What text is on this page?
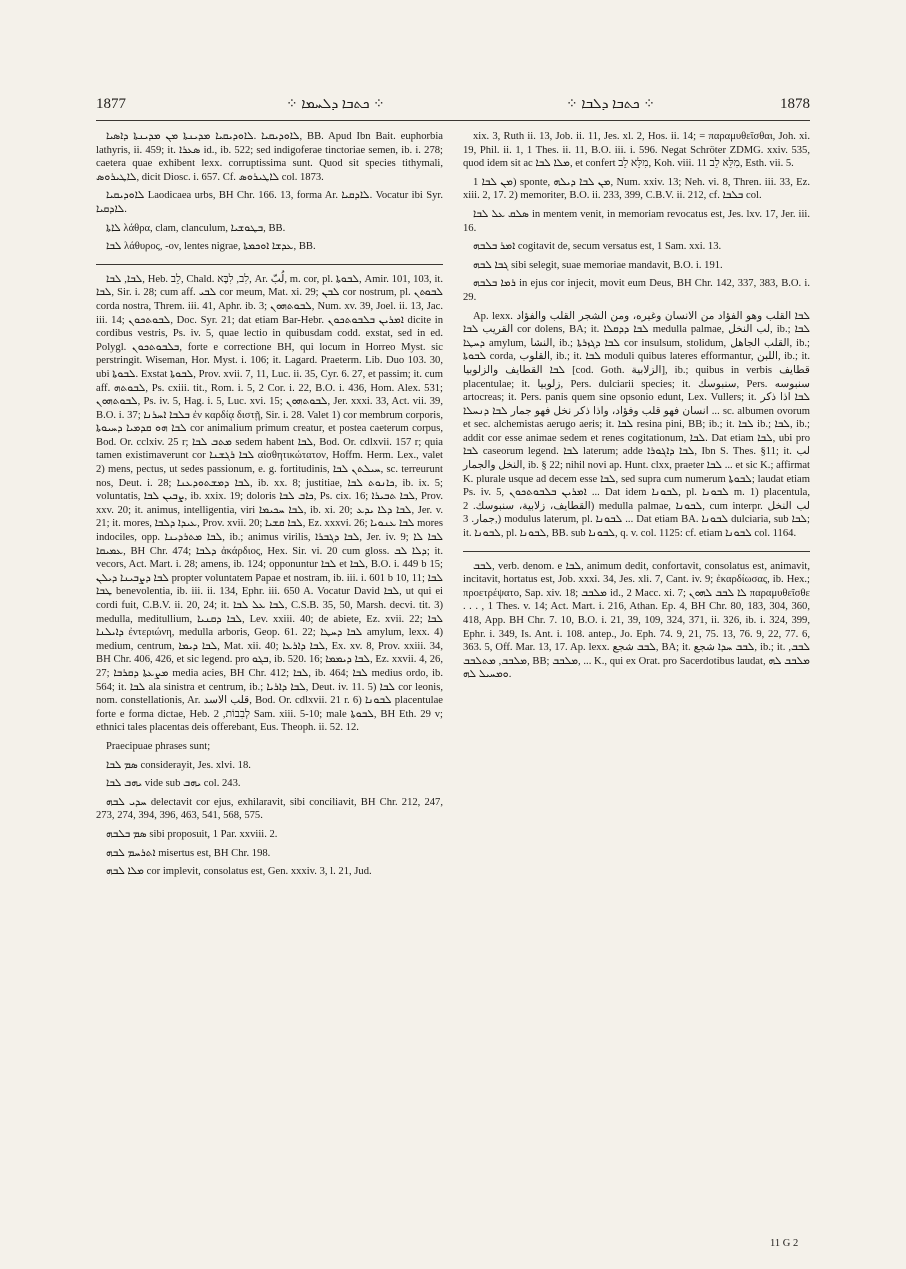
1877	⁘ ܟܬܒܐ ܕܠܚܡܐ ⁘	⁘ ܟܬܒܐ ܕܠܒܐ ⁘	1878

ܠܐܘܕܝܩܝܐ .ܠܐܘܕܝܩܝܐ ܡܕܝܢܬܐ ܡܢ ܡܕܝܢܬܐ ܕܐܣܝܐ, BB. Apud Ibn Bait. euphorbia lathyris, ii. 459; it. ܣܥܪܐ id., ib. 522; sed indigoferae tinctoriae semen, ib. i. 278; caetera quae exhibent lexx. corruptissima sunt. Quod sit species tithymali, ܠܐܛܝܪܘܣ, dicit Diosc. i. 657. Cf. ܠܐܛܝܪܘܣ col. 1873.

ܠܐܘܕܝܩܝܐ Laodicaea urbs, BH Chr. 166. 13, forma Ar. ܠܐܕܩܝܐ. Vocatur ibi Syr. ܠܐܕܩܝܐ.

ܠܐܬܐ λάθρα, clam, clanculum, ܒܛܘܫܝܐ, BB.

ܠܒܐ λάθυρος, -ον, lentes nigrae, ܥܕܫܐ ܐܘܟܡܬܐ, BB.

ܠܒܐ, ܠܒܐ, Heb. לֵב, Chald. לִב, לִבָּא, Ar. لُبّ, m. cor, pl. ܠܒܘܬܐ, Amir. 101, 103, it. ܠܒܐ, Sir. i. 28; cum aff. ܠܒܝ cor meum, Mat. xi. 29; ܠܒܢ cor nostrum, pl. ܠܒܘܬܢ corda nostra, Threm. iii. 41, Aphr. ib. 3; ܠܒܘܬܗܘܢ, Num. xv. 39, Joel. ii. 13, Jac. iii. 14; ܠܒܘܬܟܘܢ, Doc. Syr. 21; dat etiam Bar-Hebr. ܐܡܪܝܢ ܒܠܒܘܬܟܘܢ dicite in cordibus vestris, Ps. iv. 5, quae lectio in quibusdam codd. exstat, sed in ed. Polygl. ܒܠܒܘܬܟܘܢ, forte e correctione BH, qui locum in Horreo Myst. sic perstringit. Wiseman, Hor. Myst. i. 106; it. Lagard. Praeterm. Lib. Duo 103. 30, ubi ܠܒܘܬܐ. Exstat ܠܒܘܬܐ, Prov. xvii. 7, 11, Luc. ii. 35, Cyr. 6. 27, et passim; it. cum aff. ܠܒܘܬܗ, Ps. cxiii. tit., Rom. i. 5, 2 Cor. i. 22, B.O. i. 436, Hom. Alex. 531; ܠܒܘܬܗܘܢ, Ps. iv. 5, Hag. i. 5, Luc. xvi. 15; ܠܒܘܬܗܘܢ, Jer. xxxi. 33, Act. vii. 39, B.O. i. 37; ܒܠܒܐ ܐܚܪܢܐ ἐν καρδίᾳ διστῇ, Sir. i. 28. Valet 1) cor membrum corporis, ܠܒܐ ܗܘ ܩܕܡܝܐ ܕܚܝܘܬܐ cor animalium primum creatur, et postea caeterum corpus, Bod. Or. cclxiv. 25 r; ܡܬܒ ܠܒܐ sedem habent ܠܒܐ, Bod. Or. cdlxvii. 157 r; quia tamen existimaverunt cor ܠܒܐ ܪܓܫܢܐ αἰσθητικώτατον, Hoffm. Herm. Lex., valet 2) mens, pectus, ut sedes passionum, e. g. fortitudinis, ܚܝܠܬܢ ܠܒܐ, sc. terreurunt nos, Deut. i. 28; ܠܒܐ ܕܡܫܬܘܕܥܢܐ, ib. xx. 8; justitiae, ܟܐܢܘܬ ܠܒܐ, ib. ix. 5; voluntatis, ܨܒܝܢ ܠܒܐ, ib. xxix. 19; doloris ܟܐܒ ܠܒܐ, Ps. cix. 16; ܠܒܐ ܬܒܝܪܐ, Prov. xxv. 20; it. animus, intelligentia, viri ܠܒܐ ܚܟܝܡܐ, ib. xi. 20; ܠܒܐ ܕܠܐ ܝܕܥ, Jer. v. 21; it. mores, ܥܝܕܐ ܕܠܒܐ, Prov. xvii. 20; ܠܒܐ ܩܫܝܐ, Ez. xxxvi. 26; ܠܒܐ ܥܢܘܝܐ mores indociles, opp. ܠܒܐ ܡܬܪܕܝܢܐ, ib.; animus virilis, ܠܒܐ ܕܓܒܪܐ, Jer. iv. 9; ܠܒܐ ܠܐ ܥܡܝܩܐ, BH Chr. 474; ܕܠܒܐ ἀκάρδιος, Hex. Sir. vi. 20 cum gloss. ܕܠܐ ܠܒ; it. vecors, Act. Mart. i. 28; amens, ib. 124; opponuntur ܠܒܐ et ܠܒܐ, B.O. i. 449 b 15; ܠܒܐ ܕܨܒܝܢܐ ܕܝܠܢ propter voluntatem Papae et nostram, ib. iii. i. 601 b 10, 11; ܠܒܐ ܛܒܐ benevolentia, ib. iii. ii. 134, Ephr. iii. 650 A. Vocatur David ܠܒܐ, ut qui ei cordi fuit, C.B.V. ii. 20, 24; it. ܠܒܐ ܥܠ ܠܒܐ, C.S.B. 35, 50, Marsh. decvi. tit. 3) medulla, meditullium, ܠܒܐ ܕܩܢܝܐ, Lev. xxiii. 40; de abiete, Ez. xvii. 22; ܠܒܐ ܕܐܝܠܢܐ ἐντεριώνη, medulla arboris, Geop. 61. 22; ܠܒܐ ܕܚܛܐ amylum, lexx. 4) medium, centrum, ܠܒܐ ܕܝܡܐ, Mat. xii. 40; ܠܒܐ ܕܐܪܥܐ, Ex. xv. 8, Prov. xxiii. 34, BH Chr. 406, 426, et sic legend. pro ܒܓܘ, ib. 520. 16; ܠܒܐ ܕܝܡܡܐ, Ez. xxvii. 4, 26, 27; ܡܨܥܬܐ ܕܩܪܒܐ media acies, BH Chr. 412; ܠܒܐ, ib. 464; ܠܒܐ medius ordo, ib. 564; it. ܠܒܐ ala sinistra et centrum, ib.; ܠܒܐ ܕܐܪܝܐ, Deut. iv. 11. 5) ܠܒܐ cor leonis, nom. constellationis, Ar. قلب الاسد, Bod. Or. cdlxvii. 21 r. 6) ܠܒܘܢܐ placentulae forte e forma dictae, Heb. לְבִבוֹת, 2 Sam. xiii. 5-10; male ܠܒܘܬܐ, BH Eth. 29 v; ethnici tales placentas deis offerebant, Eus. Theoph. ii. 52. 12.

Praecipuae phrases sunt;

ܣܡ ܠܒܐ considerayit, Jes. xlvi. 18.

ܝܗܒ ܠܒܐ vide sub ܝܗܒ col. 243.

ܚܕܝ ܠܒܗ delectavit cor ejus, exhilaravit, sibi conciliavit, BH Chr. 212, 247, 273, 274, 394, 396, 463, 541, 568, 575.

ܣܡ ܒܠܒܗ sibi proposuit, 1 Par. xxviii. 2.

ܐܬܪܚܡ ܠܒܗ misertus est, BH Chr. 198.

ܡܠܐ ܠܒܗ cor implevit, consolatus est, Gen. xxxiv. 3, l. 21, Jud.

xix. 3, Ruth ii. 13, Job. ii. 11, Jes. xl. 2, Hos. ii. 14; = παραμυθεῖσθαι, Joh. xi. 19, Phil. ii. 1, 1 Thes. ii. 11, B.O. iii. i. 596. Negat Schröter ZDMG. xxiv. 535, quod idem sit ac ܡܠܐ ܠܒܐ, et confert מִלֵּא לֵב, Koh. viii. 11 מִלֵּא לֵב, Esth. vii. 5.

ܡܢ ܠܒܐ 1) sponte, ܡܢ ܠܒܐ ܕܝܠܗ, Num. xxiv. 13; Neh. vi. 8, Thren. iii. 33, Ez. xiii. 2, 17. 2) memoriter, B.O. ii. 233, 399, C.B.V. ii. 212, cf. ܒܠܒܐ col.

ܣܠܩ ܥܠ ܠܒܐ in mentem venit, in memoriam revocatus est, Jes. lxv. 17, Jer. iii. 16.

ܐܡܪ ܒܠܒܗ cogitavit de, secum versatus est, 1 Sam. xxi. 13.

ܓܒܐ ܠܒܗ sibi selegit, suae memoriae mandavit, B.O. i. 191.

ܪܡܐ ܒܠܒܗ in ejus cor injecit, movit eum Deus, BH Chr. 142, 337, 383, B.O. i. 29.

Ap. lexx. ܠܒܐ القلب وهو الفؤاد من الانسان وغيره، ومن الشجر القلب والفؤاد القريب ܠܒܐ cor dolens, BA; it. ܠܒܐ ܕܕܩܠܐ medulla palmae, لب النخل, ib.; ܠܒܐ ܕܚܛܐ amylum, النشا, ib.; ܠܒܐ ܕܓܙܪܬܐ cor insulsum, stolidum, القلب الجاهل, ib.; ܠܒܘܬܐ corda, القلوب, ib.; it. ܠܒܐ moduli quibus lateres efformantur, اللبن, ib.; it. ܠܒܐ القطايف والزلوبيا [cod. Goth. الزلابية], ib.; quibus in verbis قطايف placentulae; it. زلوبيا, Pers. dulciarii species; it. سنبوسك, Pers. سنبوسه artocreas; it. Pers. panis quem sine opsonio edunt, Lex. Vullers; it. ܠܒܐ اذا ذكر انسان فهو قلب وفؤاد، واذا ذكر نخل فهو جمار ܠܒܐ ܕܢܚܠܐ ... sc. albumen ovorum et sec. alchemistas aerugo aeris; it. ܠܒܐ resina pini, BB; ib.; it. ܠܒܐ ib.; ܠܒܐ, ib.; addit cor esse animae sedem et renes cogitationum, ܠܒܐ. Dat etiam ܠܒܐ, ubi pro ܠܒܐ caseorum legend. ܠܒܐ laterum; adde ܠܒܐ ܕܐܓܘܪܐ, Ibn S. Thes. §11; it. لب النخل والجمار, ib. § 22; nihil novi ap. Hunt. clxx, praeter ܠܒܐ ... et sic K.; affirmat K. plurale usque ad decem esse ܠܒܐ, sed supra cum numerum ܠܒܘܬܐ; laudat etiam Ps. iv. 5, ܐܡܪܝܢ ܒܠܒܘܬܟܘܢ ... Dat idem ܠܒܘܢܐ, pl. ܠܒܘܢܐ m. 1) placentula, القطايف، زلابية، سنبوسك. 2) medulla palmae, ܠܒܘܢܐ, cum interpr. لب النخل ,جمار. 3) modulus laterum, pl. ܠܒܘܢܐ ... Dat etiam BA. ܠܒܘܢܐ dulciaria, sub ܠܒܐ; it. ܠܒܘܢܐ, pl. ܠܒܘܢܐ, BB. sub ܠܒܘܢܐ, q. v. col. 1125: cf. etiam ܠܒܘܢܐ col. 1164.

ܠܒܒ, verb. denom. e ܠܒܐ, animum dedit, confortavit, consolatus est, animavit, incitavit, hortatus est, Job. xxxi. 34, Jes. xli. 7, Cant. iv. 9; ἐκαρδίωσας, ib. Hex.; προετρέψατο, Sap. xiv. 18; ܡܠܒܒ id., 2 Macc. xi. 7; ܠܐ ܠܒܒ ܠܗܘܢ παραμυθεῖσθε . . . , 1 Thes. v. 14; Act. Mart. i. 216, Athan. Ep. 4, BH Chr. 80, 183, 304, 360, 418, App. BH Chr. 7. 10, B.O. i. 21, 39, 109, 324, 371, ii. 326, ib. i. 324, 399, Ephr. i. 349, Is. Ant. i. 108. antep., Jo. Eph. 74. 9, 21, 75. 13, 76. 9, 22, 77. 6, 363. 5, Off. Mar. 13, 17. Ap. lexx. ܠܒܒ شجع, BA; it. ܠܒܒ ܚܕܐ شجع, ib.; it. ܠܒܒ, ܡܠܒܒ, ܡܬܠܒܒ, BB; ܡܠܒܒ, ... K., qui ex Orat. pro Sacerdotibus laudat, ܡܠܒܒ ܠܗ ܘܡܚܝܠ ܠܗ.

11 G 2
